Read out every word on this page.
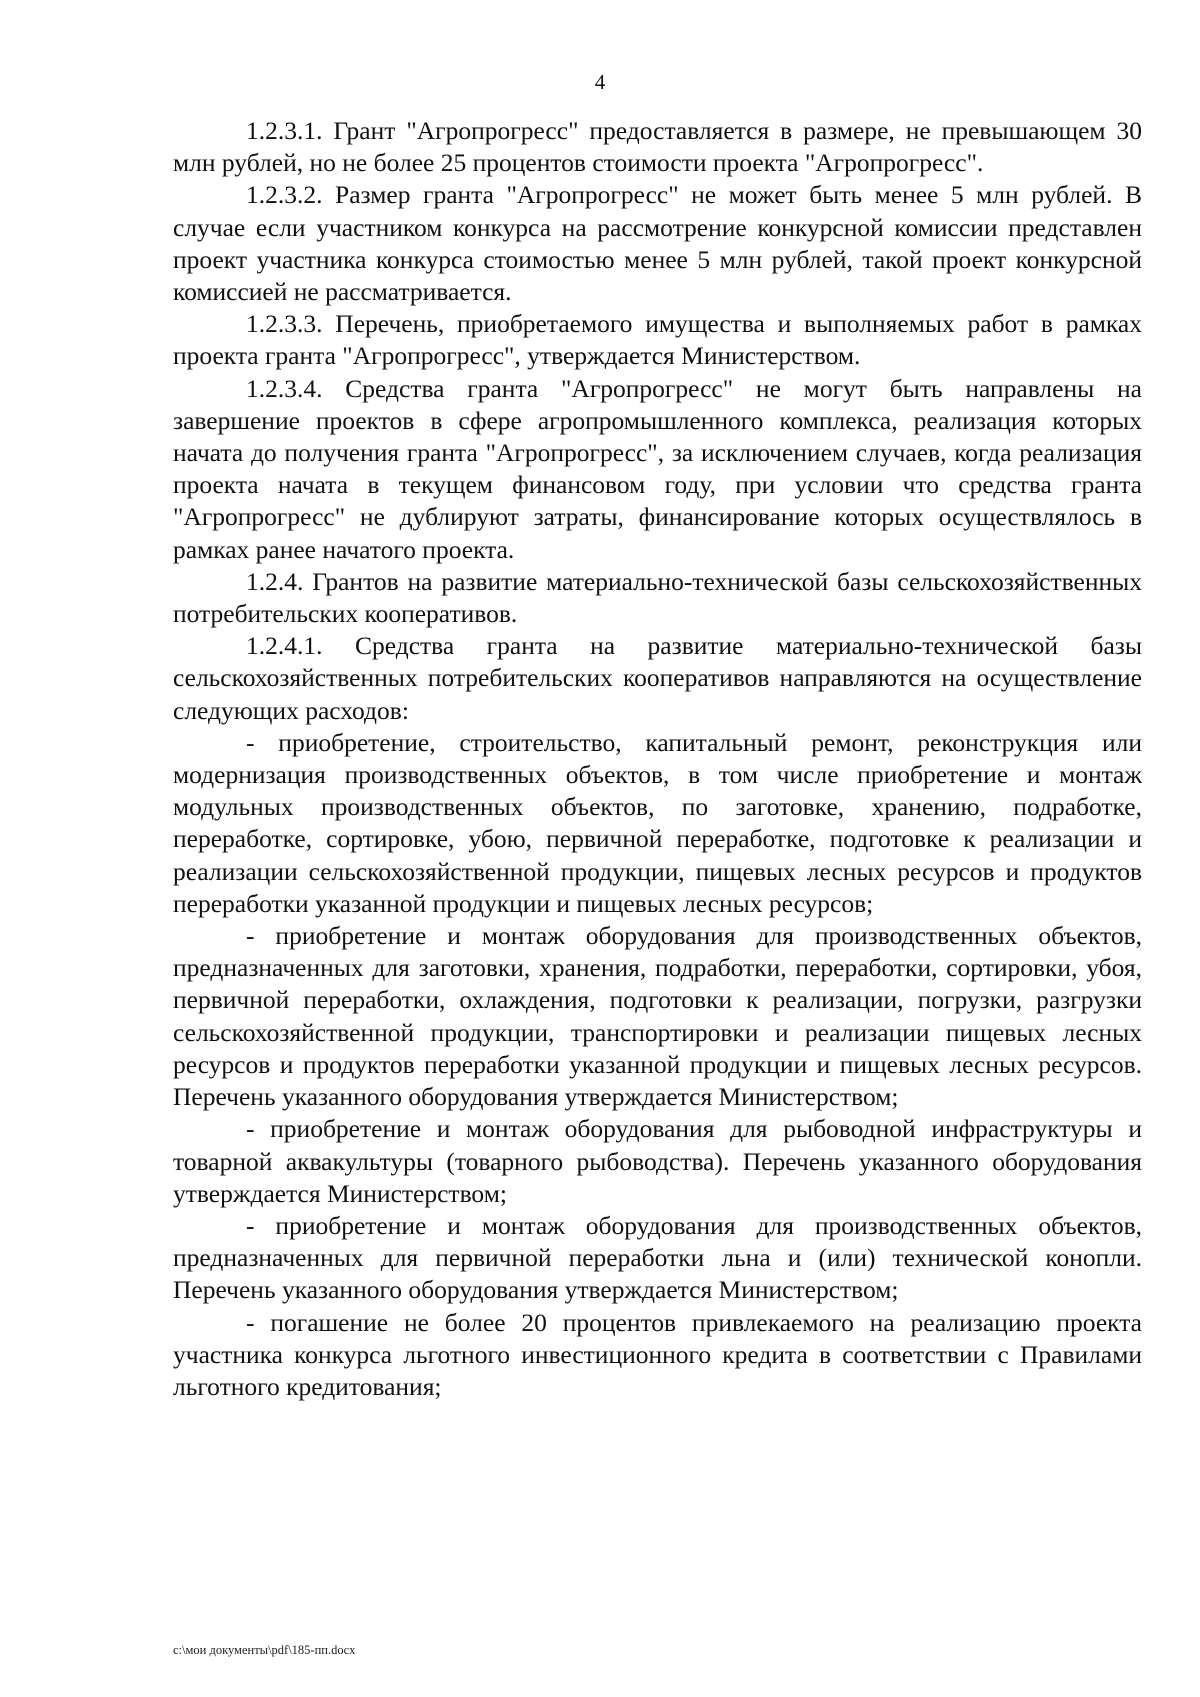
4

1.2.3.1. Грант "Агропрогресс" предоставляется в размере, не превышающем 30 млн рублей, но не более 25 процентов стоимости проекта "Агропрогресс".

1.2.3.2. Размер гранта "Агропрогресс" не может быть менее 5 млн рублей. В случае если участником конкурса на рассмотрение конкурсной комиссии представлен проект участника конкурса стоимостью менее 5 млн рублей, такой проект конкурсной комиссией не рассматривается.

1.2.3.3. Перечень, приобретаемого имущества и выполняемых работ в рамках проекта гранта "Агропрогресс", утверждается Министерством.

1.2.3.4. Средства гранта "Агропрогресс" не могут быть направлены на завершение проектов в сфере агропромышленного комплекса, реализация которых начата до получения гранта "Агропрогресс", за исключением случаев, когда реализация проекта начата в текущем финансовом году, при условии что средства гранта "Агропрогресс" не дублируют затраты, финансирование которых осуществлялось в рамках ранее начатого проекта.

1.2.4. Грантов на развитие материально-технической базы сельскохозяйственных потребительских кооперативов.

1.2.4.1. Средства гранта на развитие материально-технической базы сельскохозяйственных потребительских кооперативов направляются на осуществление следующих расходов:

- приобретение, строительство, капитальный ремонт, реконструкция или модернизация производственных объектов, в том числе приобретение и монтаж модульных производственных объектов, по заготовке, хранению, подработке, переработке, сортировке, убою, первичной переработке, подготовке к реализации и реализации сельскохозяйственной продукции, пищевых лесных ресурсов и продуктов переработки указанной продукции и пищевых лесных ресурсов;

- приобретение и монтаж оборудования для производственных объектов, предназначенных для заготовки, хранения, подработки, переработки, сортировки, убоя, первичной переработки, охлаждения, подготовки к реализации, погрузки, разгрузки сельскохозяйственной продукции, транспортировки и реализации пищевых лесных ресурсов и продуктов переработки указанной продукции и пищевых лесных ресурсов. Перечень указанного оборудования утверждается Министерством;

- приобретение и монтаж оборудования для рыбоводной инфраструктуры и товарной аквакультуры (товарного рыбоводства). Перечень указанного оборудования утверждается Министерством;

- приобретение и монтаж оборудования для производственных объектов, предназначенных для первичной переработки льна и (или) технической конопли. Перечень указанного оборудования утверждается Министерством;

- погашение не более 20 процентов привлекаемого на реализацию проекта участника конкурса льготного инвестиционного кредита в соответствии с Правилами льготного кредитования;

c:\мои документы\pdf\185-пп.docx
